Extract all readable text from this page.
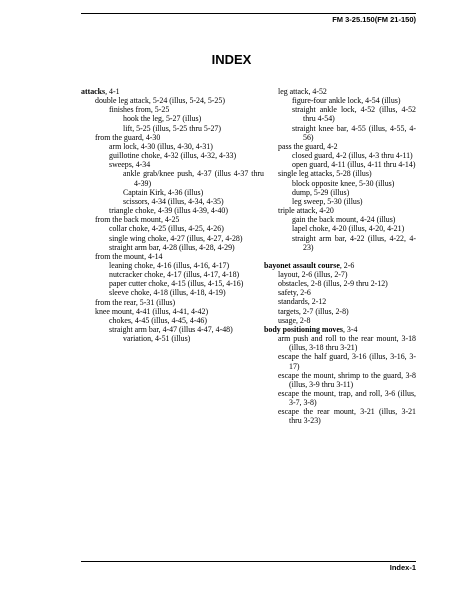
FM 3-25.150(FM 21-150)
INDEX
attacks, 4-1
double leg attack, 5-24 (illus, 5-24, 5-25)
finishes from, 5-25
hook the leg, 5-27 (illus)
lift, 5-25 (illus, 5-25 thru 5-27)
from the guard, 4-30
arm lock, 4-30 (illus, 4-30, 4-31)
guillotine choke, 4-32 (illus, 4-32, 4-33)
sweeps, 4-34
ankle grab/knee push, 4-37 (illus 4-37 thru 4-39)
Captain Kirk, 4-36 (illus)
scissors, 4-34 (illus, 4-34, 4-35)
triangle choke, 4-39 (illus 4-39, 4-40)
from the back mount, 4-25
collar choke, 4-25 (illus, 4-25, 4-26)
single wing choke, 4-27 (illus, 4-27, 4-28)
straight arm bar, 4-28 (illus, 4-28, 4-29)
from the mount, 4-14
leaning choke, 4-16 (illus, 4-16, 4-17)
nutcracker choke, 4-17 (illus, 4-17, 4-18)
paper cutter choke, 4-15 (illus, 4-15, 4-16)
sleeve choke, 4-18 (illus, 4-18, 4-19)
from the rear, 5-31 (illus)
knee mount, 4-41 (illus, 4-41, 4-42)
chokes, 4-45 (illus, 4-45, 4-46)
straight arm bar, 4-47 (illus 4-47, 4-48)
variation, 4-51 (illus)
leg attack, 4-52
figure-four ankle lock, 4-54 (illus)
straight ankle lock, 4-52 (illus, 4-52 thru 4-54)
straight knee bar, 4-55 (illus, 4-55, 4-56)
pass the guard, 4-2
closed guard, 4-2 (illus, 4-3 thru 4-11)
open guard, 4-11 (illus, 4-11 thru 4-14)
single leg attacks, 5-28 (illus)
block opposite knee, 5-30 (illus)
dump, 5-29 (illus)
leg sweep, 5-30 (illus)
triple attack, 4-20
gain the back mount, 4-24 (illus)
lapel choke, 4-20 (illus, 4-20, 4-21)
straight arm bar, 4-22 (illus, 4-22, 4-23)
bayonet assault course, 2-6
layout, 2-6 (illus, 2-7)
obstacles, 2-8 (illus, 2-9 thru 2-12)
safety, 2-6
standards, 2-12
targets, 2-7 (illus, 2-8)
usage, 2-8
body positioning moves, 3-4
arm push and roll to the rear mount, 3-18 (illus, 3-18 thru 3-21)
escape the half guard, 3-16 (illus, 3-16, 3-17)
escape the mount, shrimp to the guard, 3-8 (illus, 3-9 thru 3-11)
escape the mount, trap, and roll, 3-6 (illus, 3-7, 3-8)
escape the rear mount, 3-21 (illus, 3-21 thru 3-23)
Index-1
